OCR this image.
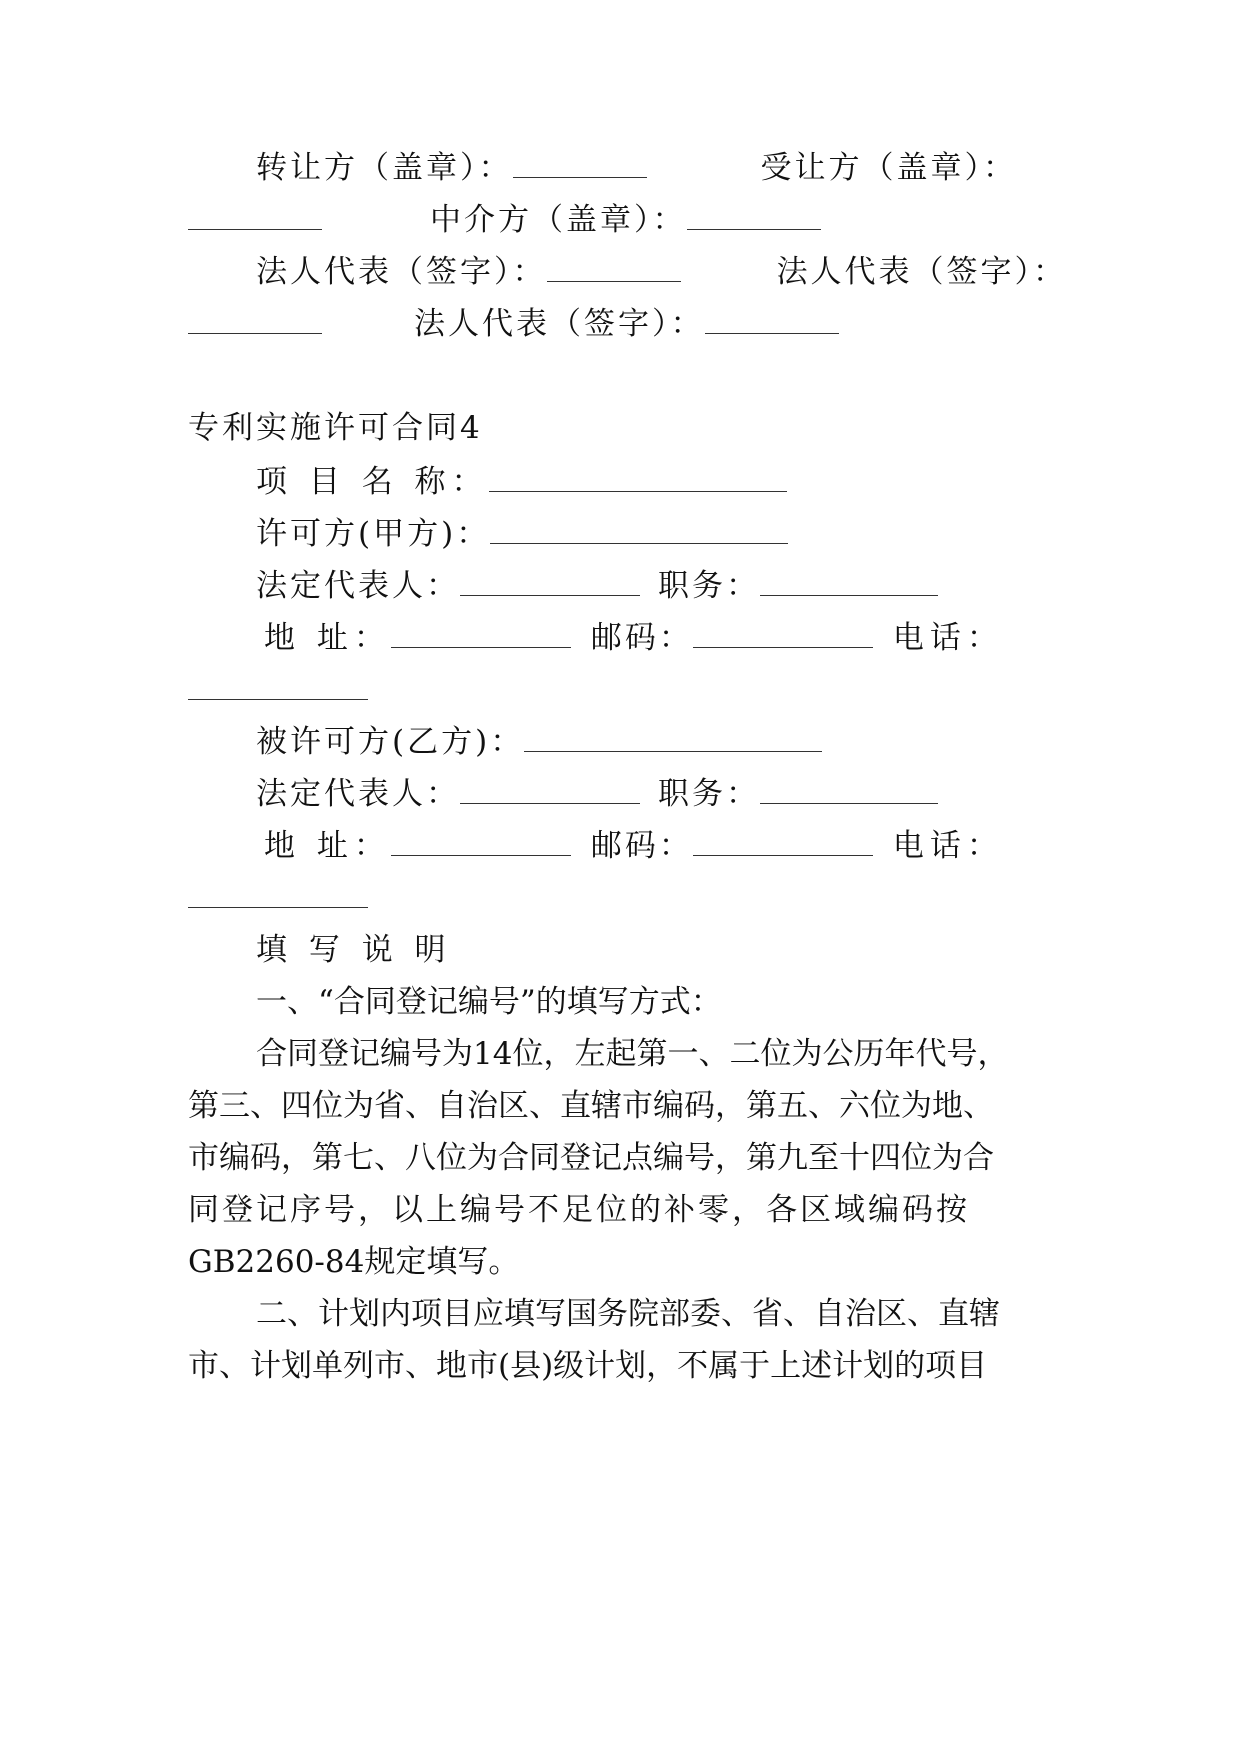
转让方（盖章）：	受让方（盖章）：
中介方（盖章）：
法人代表（签字）：	法人代表（签字）：
法人代表（签字）：
专利实施许可合同4
项 目 名 称：
许可方(甲方)：
法定代表人：	职务：
地 址：	邮码：	电话：
被许可方(乙方)：
法定代表人：	职务：
地 址：	邮码：	电话：
填 写 说 明
一、“合同登记编号”的填写方式：
合同登记编号为14位，左起第一、二位为公历年代号，
第三、四位为省、自治区、直辖市编码，第五、六位为地、
市编码，第七、八位为合同登记点编号，第九至十四位为合
同登记序号，以上编号不足位的补零，各区域编码按
GB2260-84规定填写。
二、计划内项目应填写国务院部委、省、自治区、直辖
市、计划单列市、地市(县)级计划，不属于上述计划的项目
